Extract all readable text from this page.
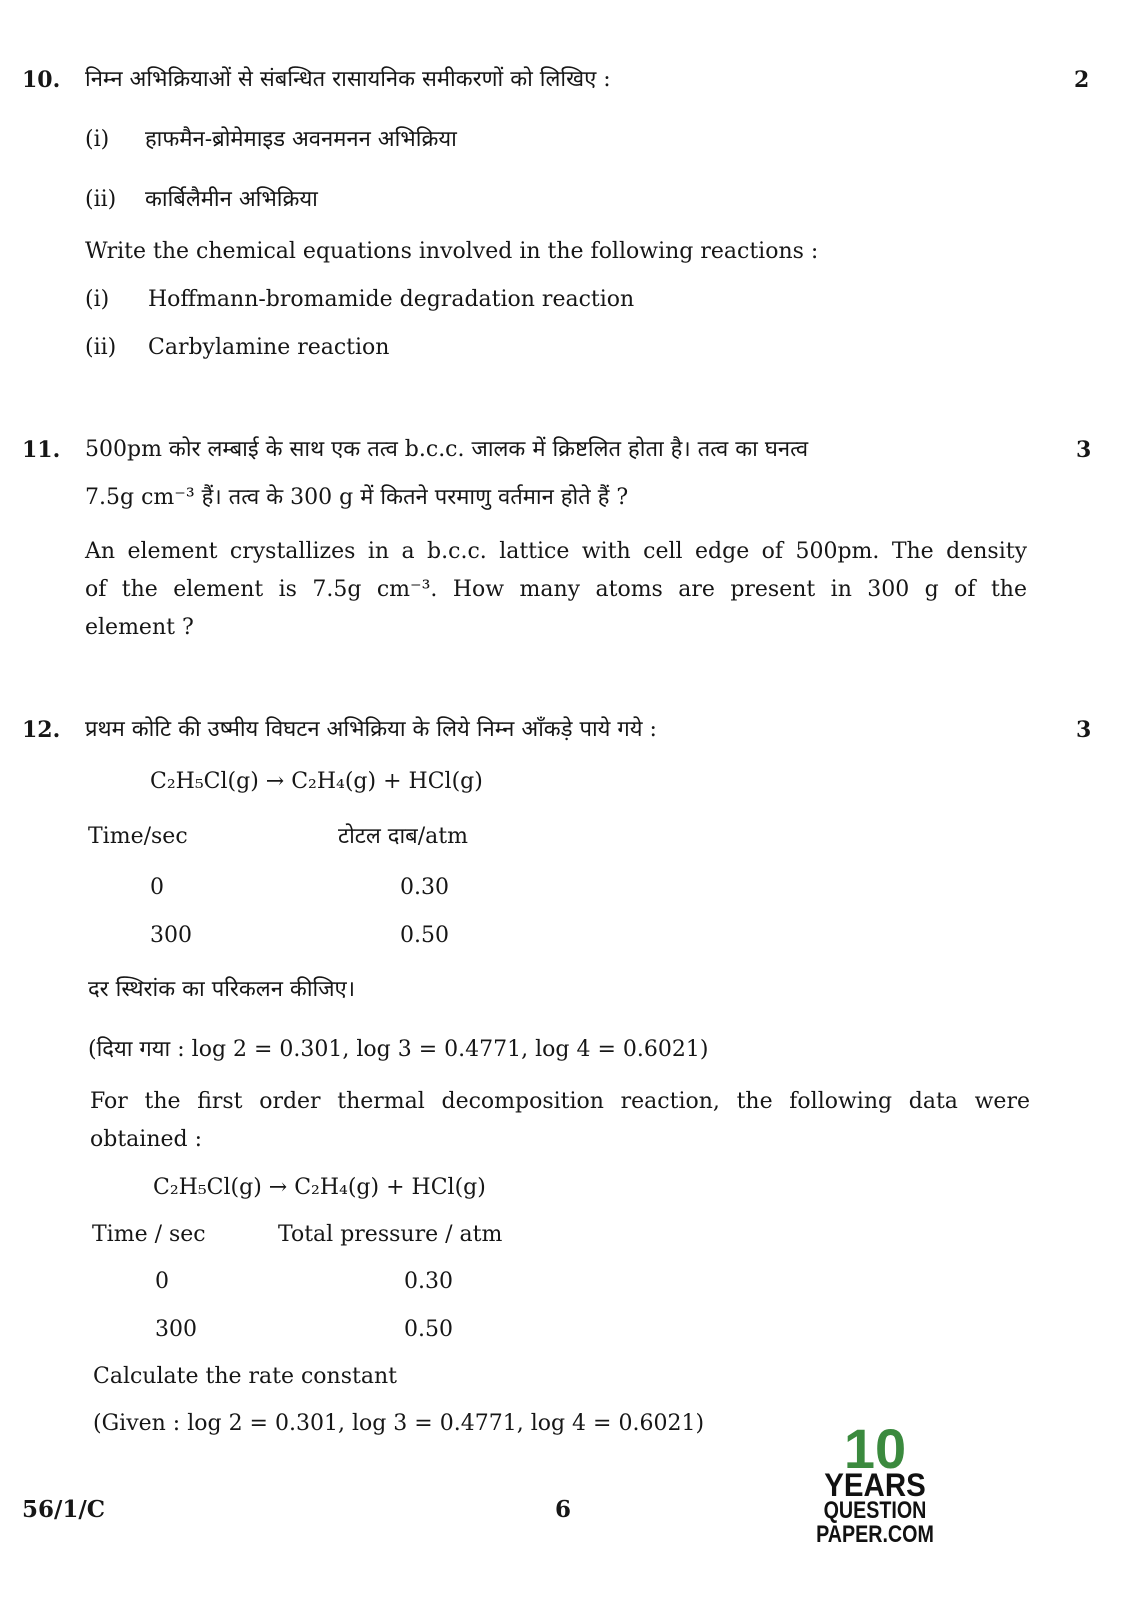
10. निम्न अभिक्रियाओं से संबन्धित रासायनिक समीकरणों को लिखिए :	2
(i) हाफमैन-ब्रोमेमाइड अवनमनन अभिक्रिया
(ii) कार्बिलैमीन अभिक्रिया
Write the chemical equations involved in the following reactions :
(i) Hoffmann-bromamide degradation reaction
(ii) Carbylamine reaction
11. 500pm कोर लम्बाई के साथ एक तत्व b.c.c. जालक में क्रिष्टलित होता है। तत्व का घनत्व	3
7.5g cm⁻³ हैं। तत्व के 300 g में कितने परमाणु वर्तमान होते हैं ?
An element crystallizes in a b.c.c. lattice with cell edge of 500pm. The density
of the element is 7.5g cm⁻³. How many atoms are present in 300 g of the
element ?
12. प्रथम कोटि की उष्मीय विघटन अभिक्रिया के लिये निम्न आँकड़े पाये गये :	3
C₂H₅Cl(g) → C₂H₄(g) + HCl(g)
Time/sec	टोटल दाब/atm
0	0.30
300	0.50
दर स्थिरांक का परिकलन कीजिए।
(दिया गया : log 2 = 0.301, log 3 = 0.4771, log 4 = 0.6021)
For the first order thermal decomposition reaction, the following data were
obtained :
C₂H₅Cl(g) → C₂H₄(g) + HCl(g)
Time / sec	Total pressure / atm
0	0.30
300	0.50
Calculate the rate constant
(Given : log 2 = 0.301, log 3 = 0.4771, log 4 = 0.6021)
56/1/C	6
10
YEARS
QUESTION PAPER.COM
